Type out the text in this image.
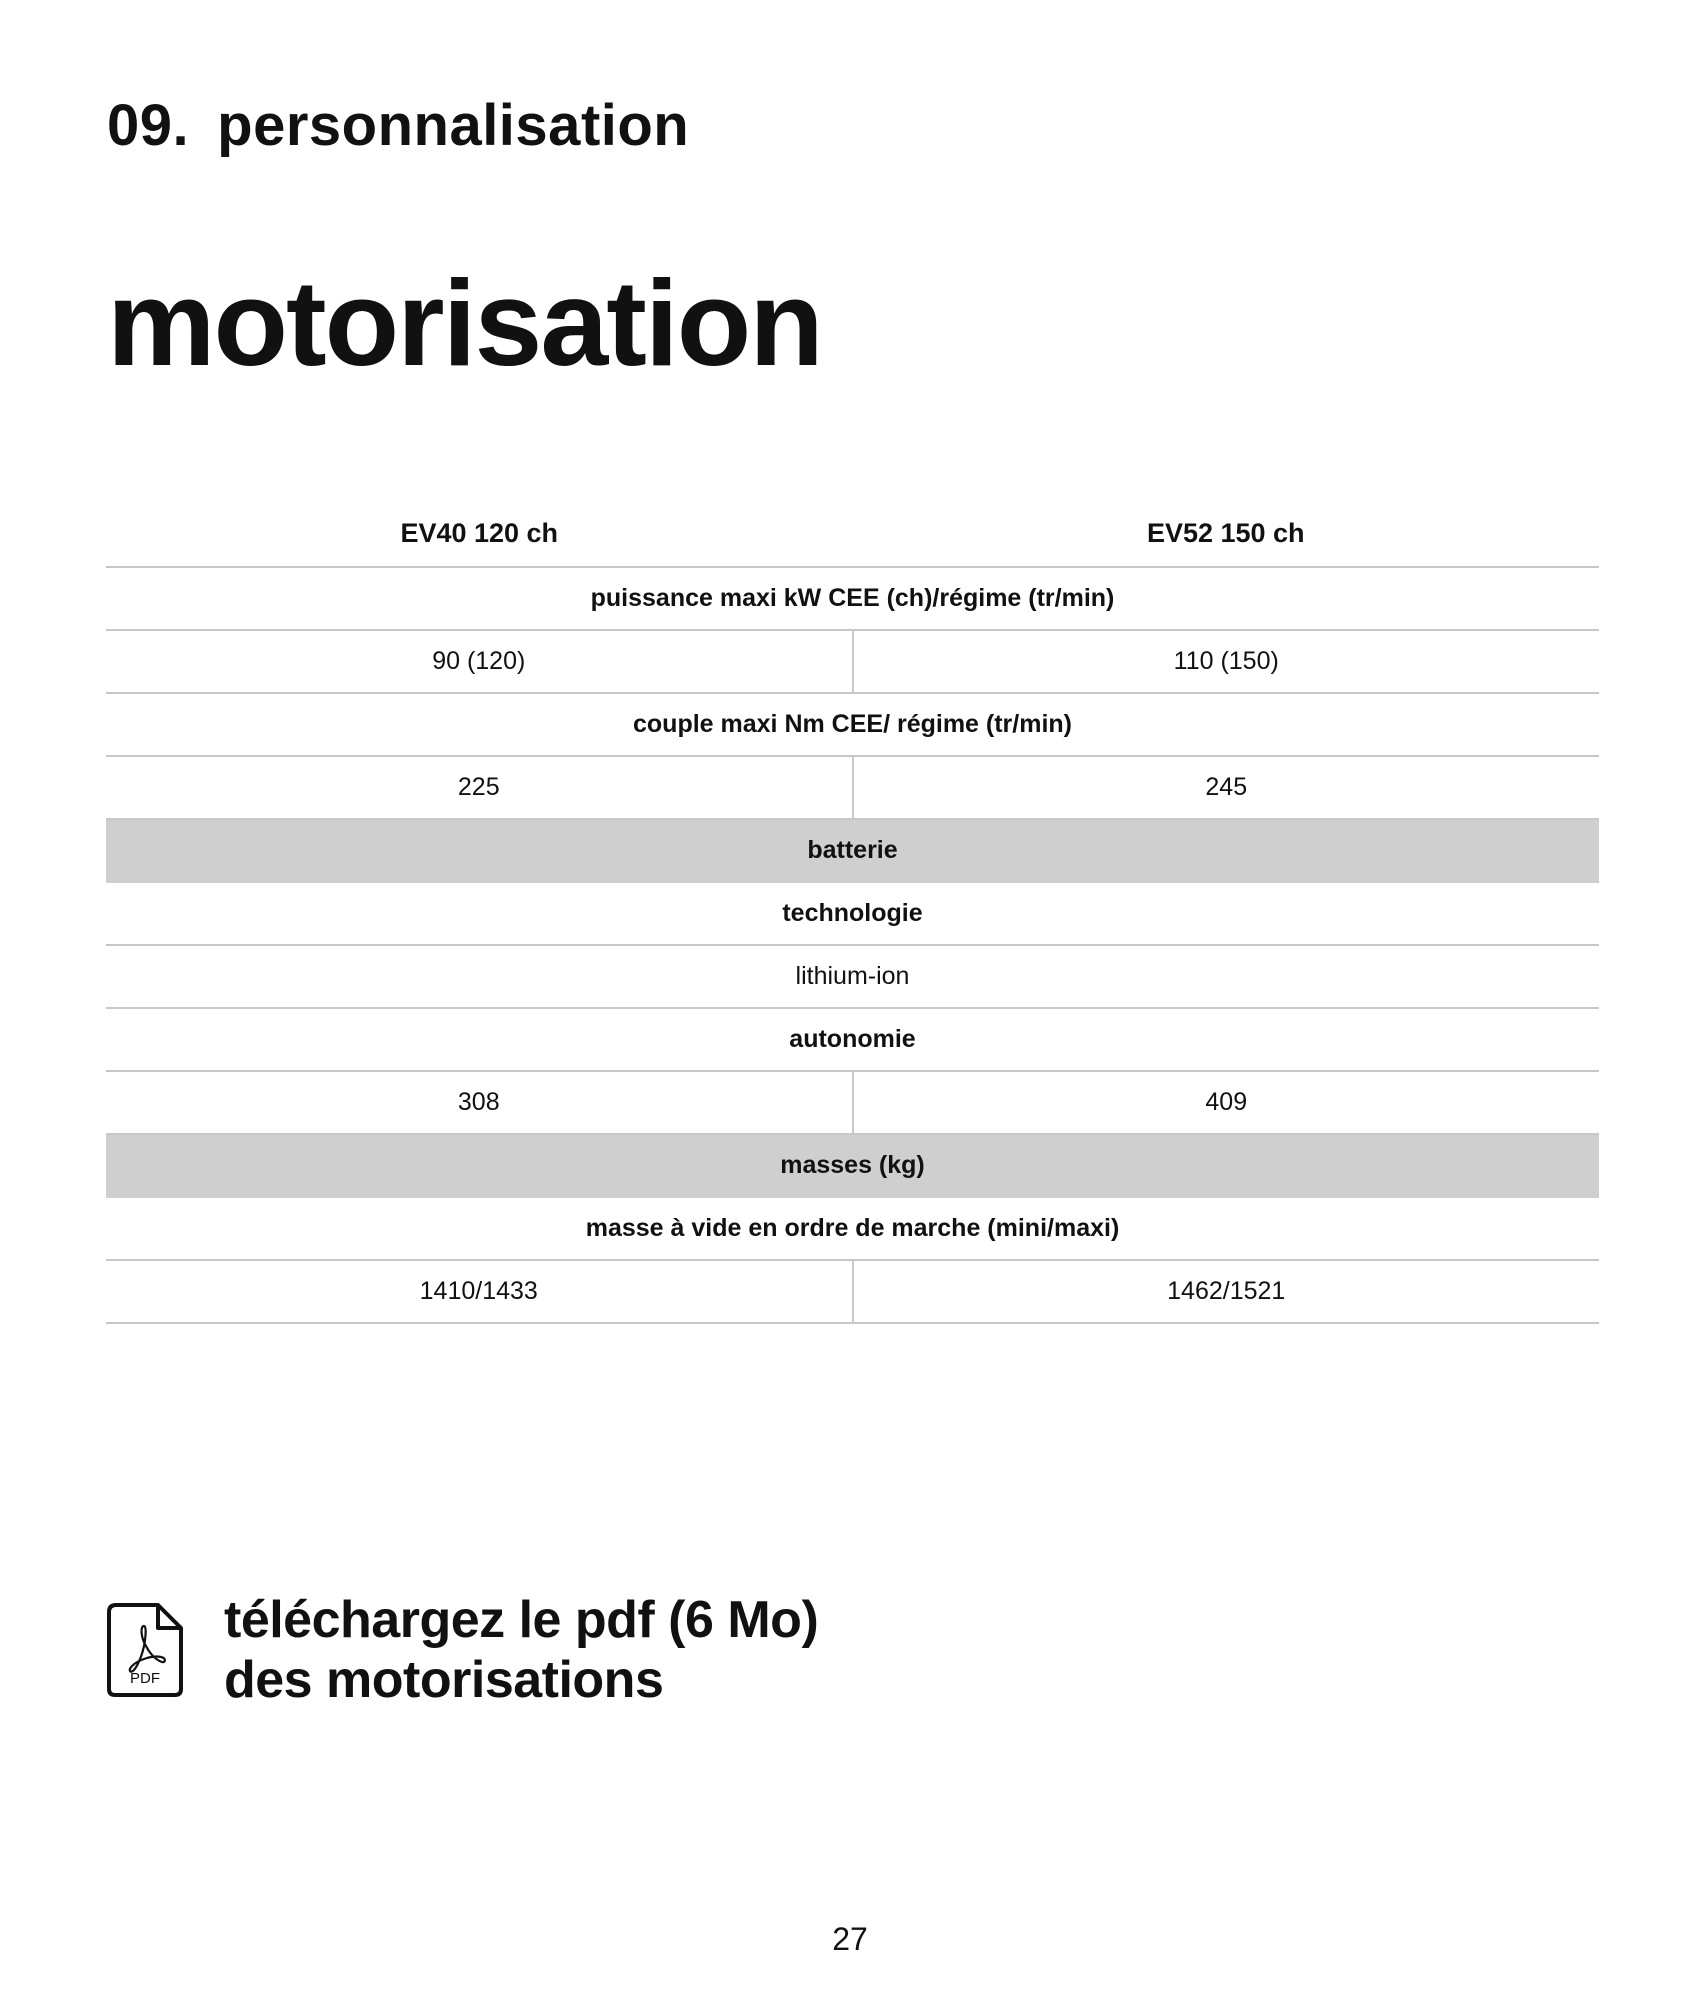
09. personnalisation
motorisation
EV40 120 ch	EV52 150 ch
puissance maxi kW CEE (ch)/régime (tr/min)
90 (120)	110 (150)
couple maxi Nm CEE/ régime (tr/min)
225	245
batterie
technologie
lithium-ion
autonomie
308	409
masses (kg)
masse à vide en ordre de marche (mini/maxi)
1410/1433	1462/1521
PDF
téléchargez le pdf (6 Mo)
des motorisations
27
